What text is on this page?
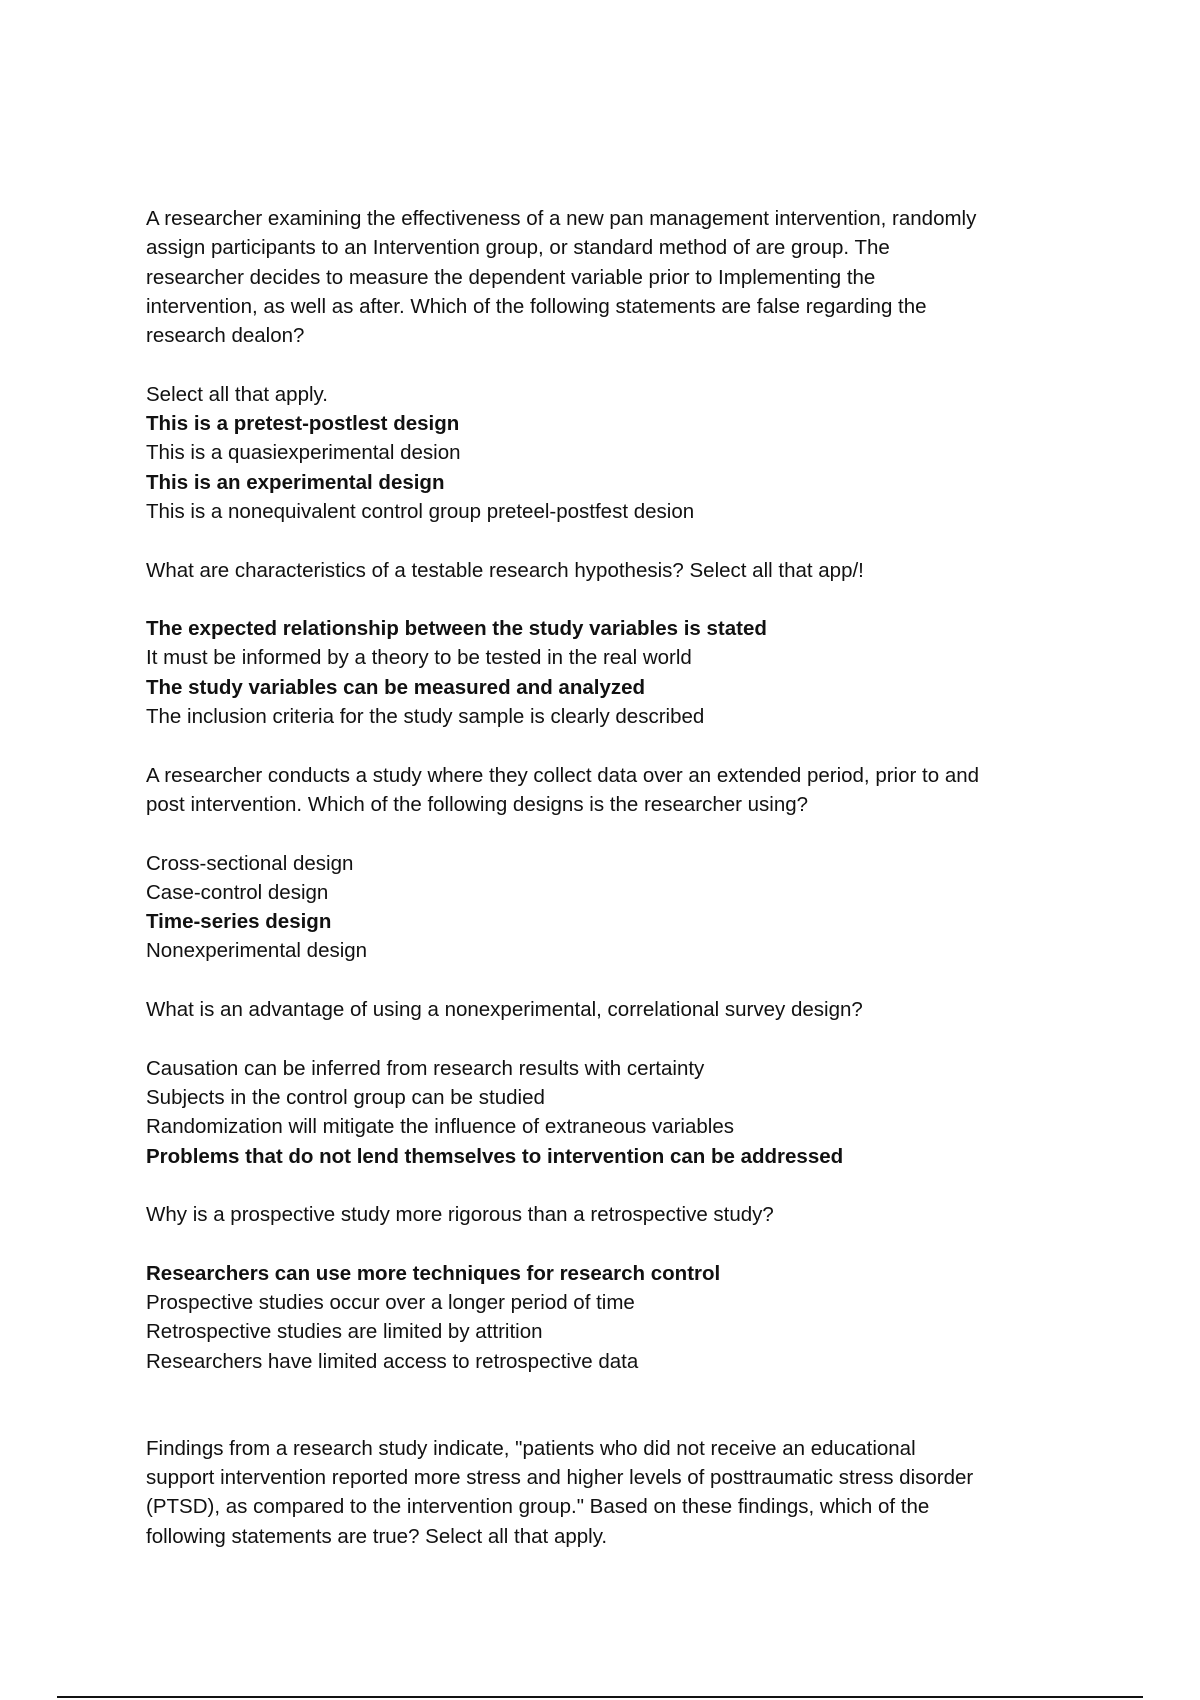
A researcher examining the effectiveness of a new pan management intervention, randomly
assign participants to an Intervention group, or standard method of are group. The
researcher decides to measure the dependent variable prior to Implementing the
intervention, as well as after. Which of the following statements are false regarding the
research dealon?
Select all that apply.
This is a pretest-postlest design
This is a quasiexperimental desion
This is an experimental design
This is a nonequivalent control group preteel-postfest desion
What are characteristics of a testable research hypothesis? Select all that app/!
The expected relationship between the study variables is stated
It must be informed by a theory to be tested in the real world
The study variables can be measured and analyzed
The inclusion criteria for the study sample is clearly described
A researcher conducts a study where they collect data over an extended period, prior to and
post intervention. Which of the following designs is the researcher using?
Cross-sectional design
Case-control design
Time-series design
Nonexperimental design
What is an advantage of using a nonexperimental, correlational survey design?
Causation can be inferred from research results with certainty
Subjects in the control group can be studied
Randomization will mitigate the influence of extraneous variables
Problems that do not lend themselves to intervention can be addressed
Why is a prospective study more rigorous than a retrospective study?
Researchers can use more techniques for research control
Prospective studies occur over a longer period of time
Retrospective studies are limited by attrition
Researchers have limited access to retrospective data
Findings from a research study indicate, "patients who did not receive an educational
support intervention reported more stress and higher levels of posttraumatic stress disorder
(PTSD), as compared to the intervention group." Based on these findings, which of the
following statements are true? Select all that apply.
